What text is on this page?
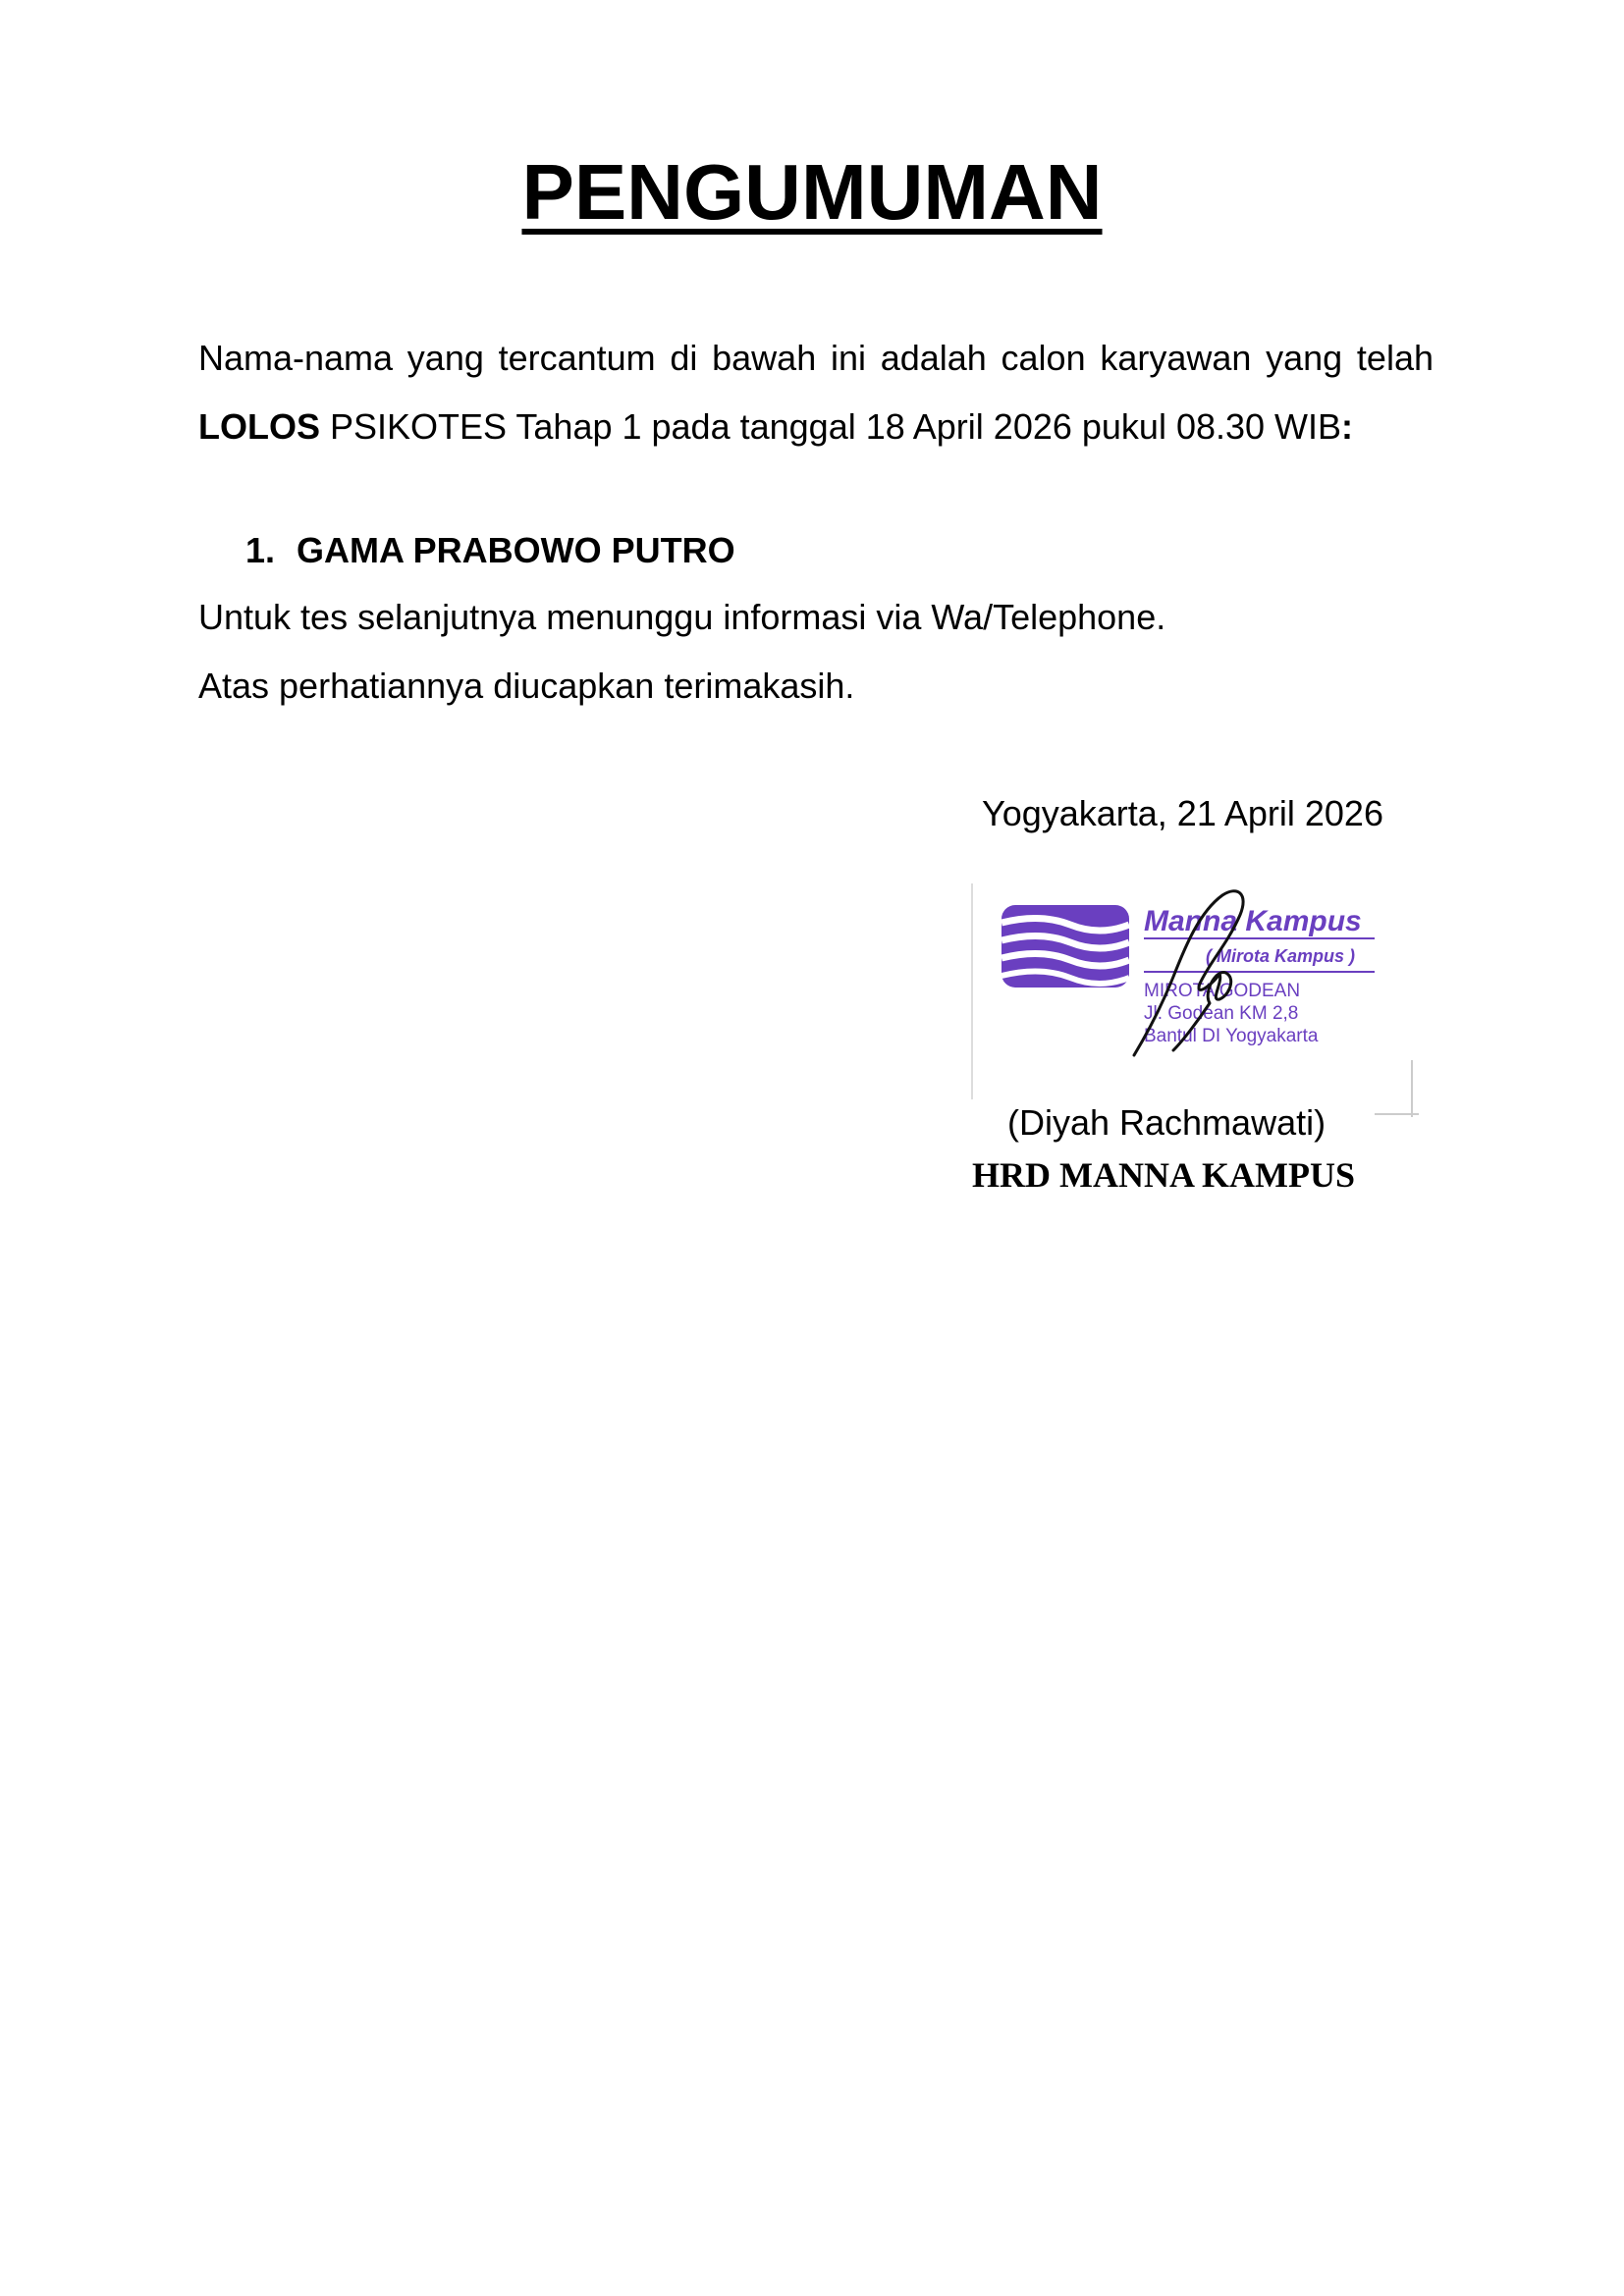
PENGUMUMAN

Nama-nama yang tercantum di bawah ini adalah calon karyawan yang telah LOLOS PSIKOTES Tahap 1 pada tanggal 18 April 2026 pukul 08.30 WIB:

1. GAMA PRABOWO PUTRO

Untuk tes selanjutnya menunggu informasi via Wa/Telephone.

Atas perhatiannya diucapkan terimakasih.

Yogyakarta, 21 April 2026

Manna Kampus
( Mirota Kampus )
MIROTA GODEAN
Jl. Godean KM 2,8
Bantul DI Yogyakarta

(Diyah Rachmawati)

HRD MANNA KAMPUS
